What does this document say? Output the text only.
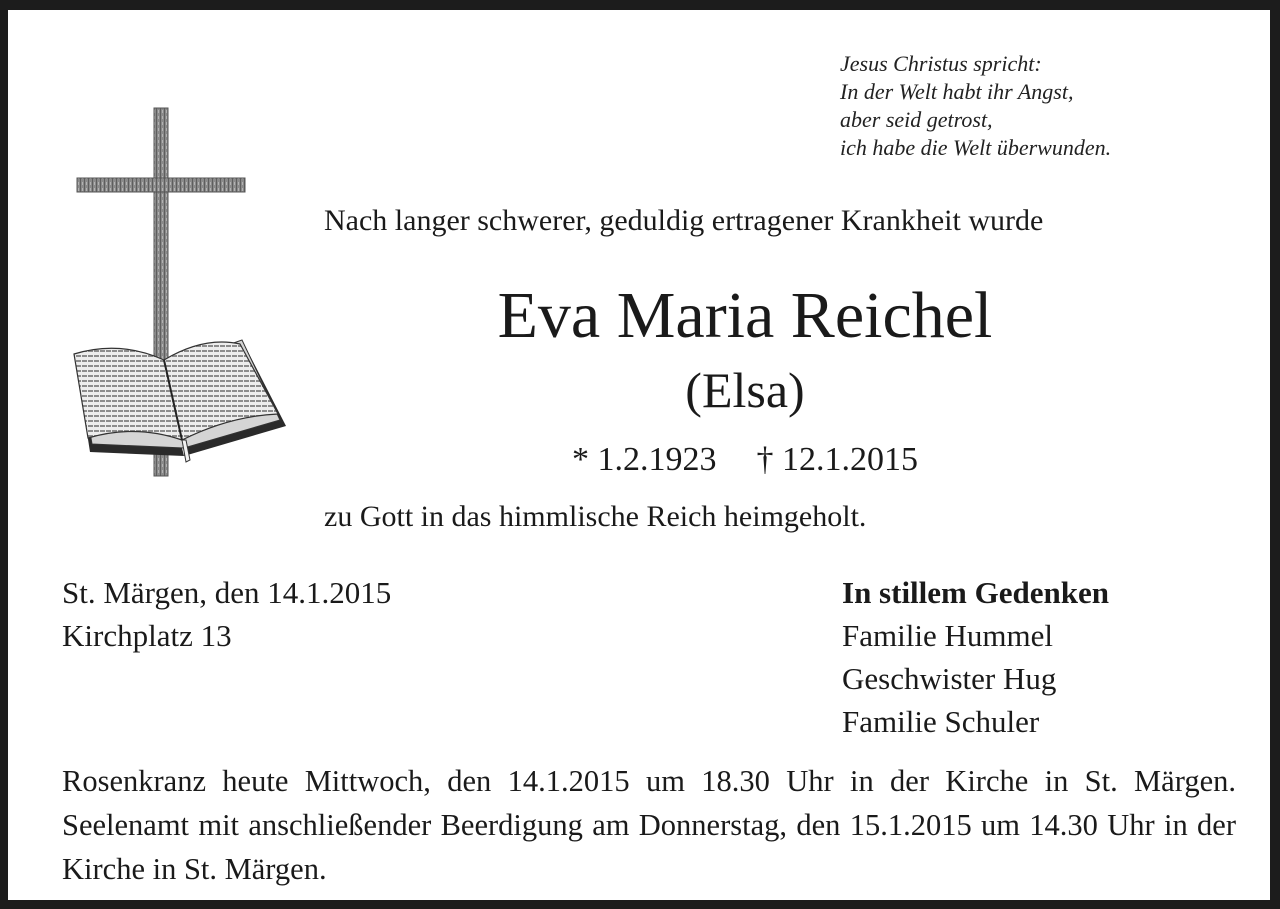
Jesus Christus spricht:
In der Welt habt ihr Angst,
aber seid getrost,
ich habe die Welt überwunden.
Nach langer schwerer, geduldig ertragener Krankheit wurde
Eva Maria Reichel
(Elsa)
* 1.2.1923 † 12.1.2015
zu Gott in das himmlische Reich heimgeholt.
St. Märgen, den 14.1.2015
Kirchplatz 13
In stillem Gedenken
Familie Hummel
Geschwister Hug
Familie Schuler
Rosenkranz heute Mittwoch, den 14.1.2015 um 18.30 Uhr in der Kirche in St. Märgen. Seelenamt mit anschließender Beerdigung am Donnerstag, den 15.1.2015 um 14.30 Uhr in der Kirche in St. Märgen.
